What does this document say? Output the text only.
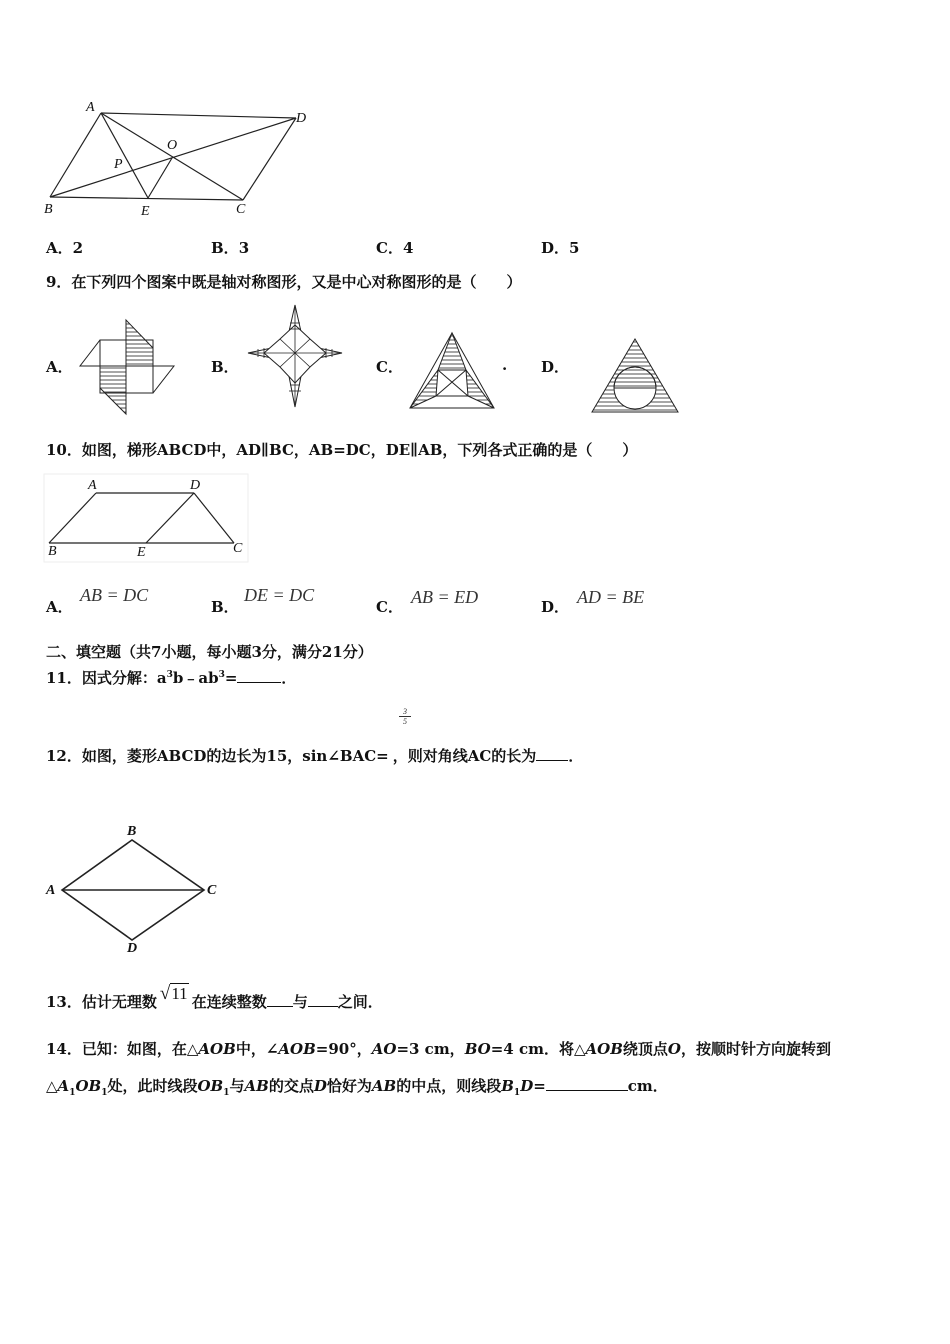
A
D
O
P
B	E	C
A．2	B．3	C．4	D．5
9．在下列四个图案中既是轴对称图形，又是中心对称图形的是（　　）
A．	B．	C．	. D．
10．如图，梯形ABCD中，AD∥BC，AB=DC，DE∥AB，下列各式正确的是（　　）
A	D
B	E	C
A．
AB = DC
B．
DE = DC
C． AB = ED	D． AD = BE
二、填空题（共7小题，每小题3分，满分21分）
11．因式分解：$a^3b﹣ab^3=$	．
3
5
12．如图，菱形ABCD的边长为15，sin∠BAC= ，则对角线AC的长为 ．
B
A	C
D
13．估计无理数 √11 在连续整数 与 之间．
14．已知：如图，在△AOB中，∠AOB=90°，AO=3 cm，BO=4 cm．将△AOB绕顶点O，按顺时针方向旋转到
$\triangle A_1OB_1$处，此时线段$OB_1$与AB的交点D恰好为AB的中点，则线段$B_1D=$	cm．
